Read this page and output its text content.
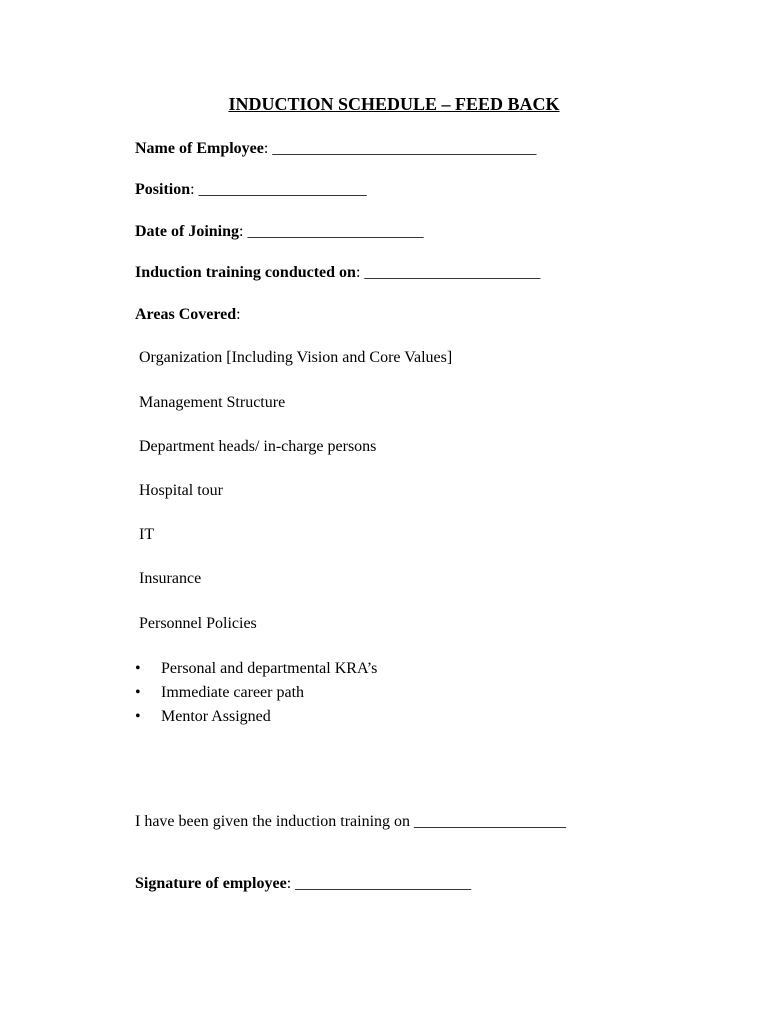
INDUCTION SCHEDULE – FEED BACK
Name of Employee: _________________________________
Position: _____________________
Date of Joining: ______________________
Induction training conducted on: ______________________
Areas Covered:
Organization [Including Vision and Core Values]
Management Structure
Department heads/ in-charge persons
Hospital tour
IT
Insurance
Personnel Policies
• Personal and departmental KRA’s
• Immediate career path
• Mentor Assigned
I have been given the induction training on ___________________
Signature of employee: ______________________
